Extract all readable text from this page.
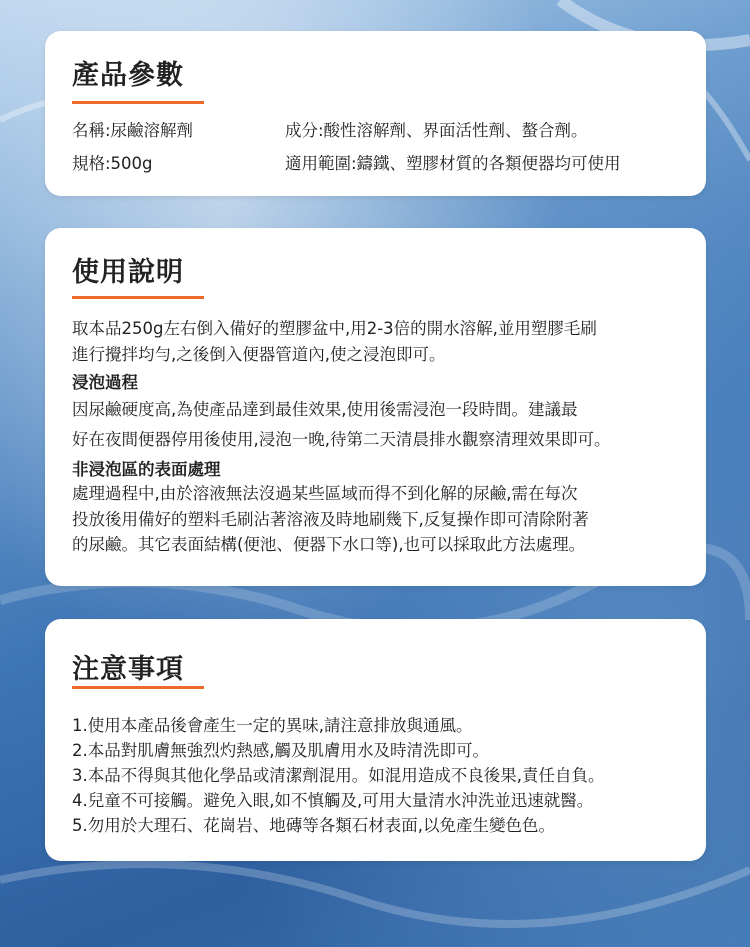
產品參數
名稱:尿鹼溶解劑	成分:酸性溶解劑、界面活性劑、螯合劑。
規格:500g	適用範圍:鑄鐵、塑膠材質的各類便器均可使用
使用說明
取本品250g左右倒入備好的塑膠盆中,用2-3倍的開水溶解,並用塑膠毛刷
進行攪拌均勻,之後倒入便器管道內,使之浸泡即可。
浸泡過程
因尿鹼硬度高,為使產品達到最佳效果,使用後需浸泡一段時間。建議最
好在夜間便器停用後使用,浸泡一晚,待第二天清晨排水觀察清理效果即可。
非浸泡區的表面處理
處理過程中,由於溶液無法沒過某些區域而得不到化解的尿鹼,需在每次
投放後用備好的塑料毛刷沾著溶液及時地刷幾下,反复操作即可清除附著
的尿鹼。其它表面結構(便池、便器下水口等),也可以採取此方法處理。
注意事項
1.使用本產品後會產生一定的異味,請注意排放與通風。
2.本品對肌膚無強烈灼熱感,觸及肌膚用水及時清洗即可。
3.本品不得與其他化學品或清潔劑混用。如混用造成不良後果,責任自負。
4.兒童不可接觸。避免入眼,如不慎觸及,可用大量清水沖洗並迅速就醫。
5.勿用於大理石、花崗岩、地磚等各類石材表面,以免產生變色色。
